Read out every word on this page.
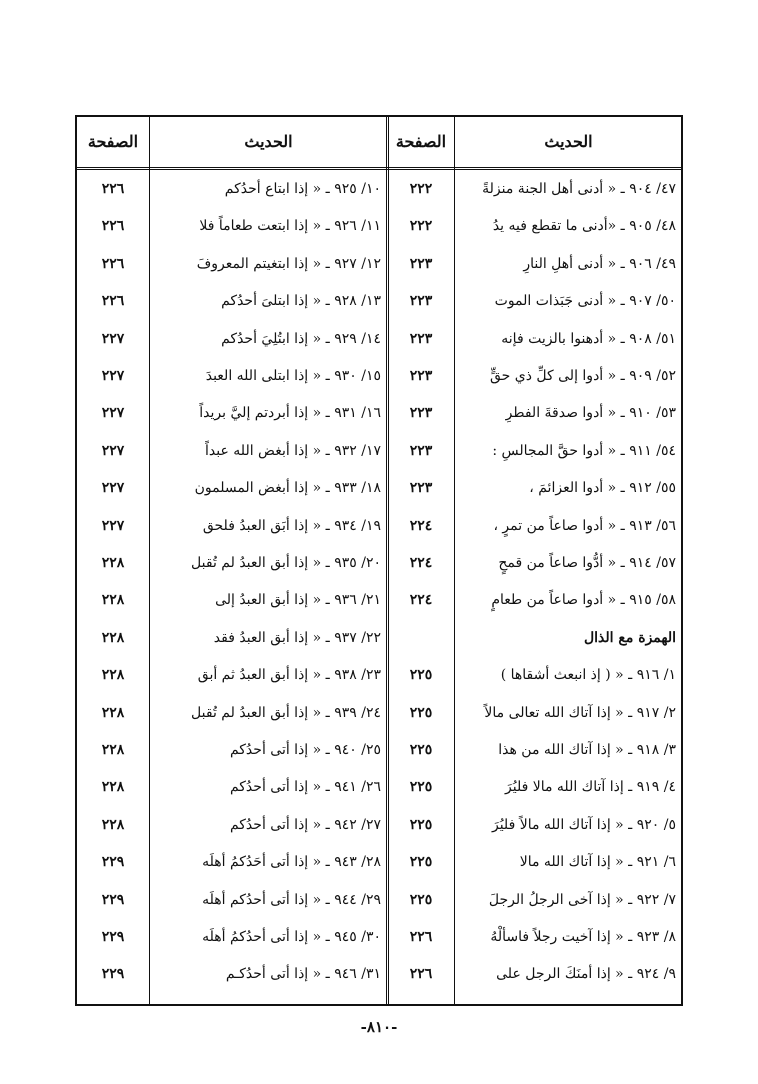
الحديث
الصفحة
الحديث
الصفحة
٤٧/ ٩٠٤ ـ « أدنى أهل الجنة منزلةً
٢٢٢
٤٨/ ٩٠٥ ـ «أدنى ما تقطع فيه يدُ
٢٢٢
٤٩/ ٩٠٦ ـ « أدنى أهلِ النارِ
٢٢٣
٥٠/ ٩٠٧ ـ « أدنى جَبَذات الموت
٢٢٣
٥١/ ٩٠٨ ـ « أدهنوا بالزيت فإنه
٢٢٣
٥٢/ ٩٠٩ ـ « أدوا إلى كلِّ ذي حقٍّ
٢٢٣
٥٣/ ٩١٠ ـ « أدوا صدقةَ الفطرِ
٢٢٣
٥٤/ ٩١١ ـ « أدوا حقَّ المجالسِ :
٢٢٣
٥٥/ ٩١٢ ـ « أدوا العزائمَ ،
٢٢٣
٥٦/ ٩١٣ ـ « أدوا صاعاً من تمرٍ ،
٢٢٤
٥٧/ ٩١٤ ـ « أدُّوا صاعاً من قمحٍ
٢٢٤
٥٨/ ٩١٥ ـ « أدوا صاعاً من طعامٍ
٢٢٤
الهمزة مع الذال
١/ ٩١٦ ـ « ( إذ انبعث أشقاها )
٢٢٥
٢/ ٩١٧ ـ « إذا آتاك الله تعالى مالاً
٢٢٥
٣/ ٩١٨ ـ « إذا آتاك الله من هذا
٢٢٥
٤/ ٩١٩ ـ إذا آتاك الله مالا فليُرَ
٢٢٥
٥/ ٩٢٠ ـ « إذا آتاك الله مالاً فليُرَ
٢٢٥
٦/ ٩٢١ ـ « إذا آتاك الله مالا
٢٢٥
٧/ ٩٢٢ ـ « إذا آخى الرجلُ الرجلَ
٢٢٥
٨/ ٩٢٣ ـ « إذا آخيت رجلاً فاسألْهُ
٢٢٦
٩/ ٩٢٤ ـ « إذا أمنَكَ الرجل على
٢٢٦
١٠/ ٩٢٥ ـ « إذا ابتاع أحدُكم
٢٢٦
١١/ ٩٢٦ ـ « إذا ابتعت طعاماً فلا
٢٢٦
١٢/ ٩٢٧ ـ « إذا ابتغيتم المعروفَ
٢٢٦
١٣/ ٩٢٨ ـ « إذا ابتلىَ أحدُكم
٢٢٦
١٤/ ٩٢٩ ـ « إذا ابتُلِيَ أحدُكم
٢٢٧
١٥/ ٩٣٠ ـ « إذا ابتلى الله العبدَ
٢٢٧
١٦/ ٩٣١ ـ « إذا أبردتم إليَّ بريداً
٢٢٧
١٧/ ٩٣٢ ـ « إذا أبغض الله عبداً
٢٢٧
١٨/ ٩٣٣ ـ « إذا أبغض المسلمون
٢٢٧
١٩/ ٩٣٤ ـ « إذا أبَق العبدُ فلحق
٢٢٧
٢٠/ ٩٣٥ ـ « إذا أبق العبدُ لم تُقبل
٢٢٨
٢١/ ٩٣٦ ـ « إذا أبق العبدُ إلى
٢٢٨
٢٢/ ٩٣٧ ـ « إذا أبق العبدُ فقد
٢٢٨
٢٣/ ٩٣٨ ـ « إذا أبق العبدُ ثم أبق
٢٢٨
٢٤/ ٩٣٩ ـ « إذا أبق العبدُ لم تُقبل
٢٢٨
٢٥/ ٩٤٠ ـ « إذا أتى أحدُكم
٢٢٨
٢٦/ ٩٤١ ـ « إذا أتى أحدُكم
٢٢٨
٢٧/ ٩٤٢ ـ « إذا أتى أحدُكم
٢٢٨
٢٨/ ٩٤٣ ـ « إذا أتى أحَدُكمُ أهلَه
٢٢٩
٢٩/ ٩٤٤ ـ « إذا أتى أحدُكم أهلَه
٢٢٩
٣٠/ ٩٤٥ ـ « إذا أتى أحدُكمُ أهلَه
٢٢٩
٣١/ ٩٤٦ ـ « إذا أتى أحدُكـم
٢٢٩
-٨١٠-
